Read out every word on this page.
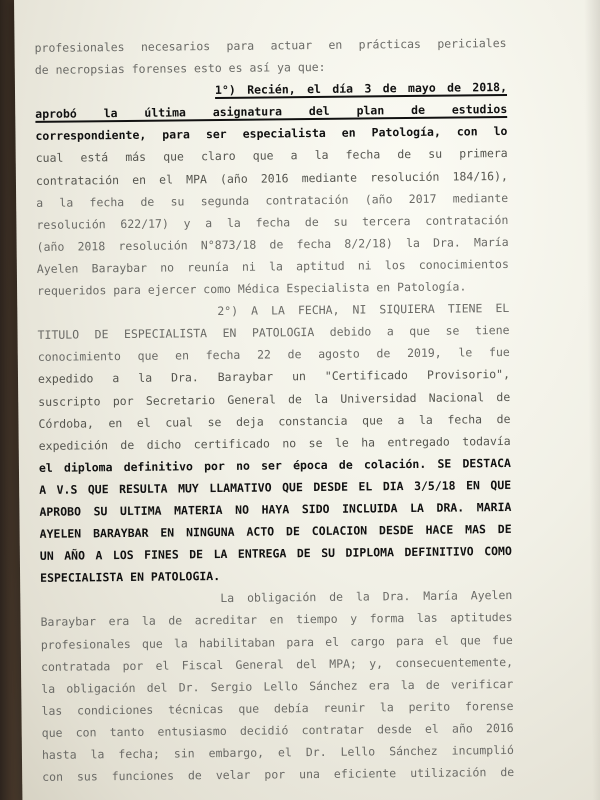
profesionales necesarios para actuar en prácticas periciales
de necropsias forenses esto es así ya que:
1°) Recién, el día 3 de mayo de 2018,
aprobó la última asignatura del plan de estudios
correspondiente, para ser especialista en Patología, con lo
cual está más que claro que a la fecha de su primera
contratación en el MPA (año 2016 mediante resolución 184/16),
a la fecha de su segunda contratación (año 2017 mediante
resolución 622/17) y a la fecha de su tercera contratación
(año 2018 resolución N°873/18 de fecha 8/2/18) la Dra. María
Ayelen Baraybar no reunía ni la aptitud ni los conocimientos
requeridos para ejercer como Médica Especialista en Patología.
2°) A LA FECHA, NI SIQUIERA TIENE EL
TITULO DE ESPECIALISTA EN PATOLOGIA debido a que se tiene
conocimiento que en fecha 22 de agosto de 2019, le fue
expedido a la Dra. Baraybar un "Certificado Provisorio",
suscripto por Secretario General de la Universidad Nacional de
Córdoba, en el cual se deja constancia que a la fecha de
expedición de dicho certificado no se le ha entregado todavía
el diploma definitivo por no ser época de colación. SE DESTACA
A V.S QUE RESULTA MUY LLAMATIVO QUE DESDE EL DIA 3/5/18 EN QUE
APROBO SU ULTIMA MATERIA NO HAYA SIDO INCLUIDA LA DRA. MARIA
AYELEN BARAYBAR EN NINGUNA ACTO DE COLACION DESDE HACE MAS DE
UN AÑO A LOS FINES DE LA ENTREGA DE SU DIPLOMA DEFINITIVO COMO
ESPECIALISTA EN PATOLOGIA.
La obligación de la Dra. María Ayelen
Baraybar era la de acreditar en tiempo y forma las aptitudes
profesionales que la habilitaban para el cargo para el que fue
contratada por el Fiscal General del MPA; y, consecuentemente,
la obligación del Dr. Sergio Lello Sánchez era la de verificar
las condiciones técnicas que debía reunir la perito forense
que con tanto entusiasmo decidió contratar desde el año 2016
hasta la fecha; sin embargo, el Dr. Lello Sánchez incumplió
con sus funciones de velar por una eficiente utilización de
